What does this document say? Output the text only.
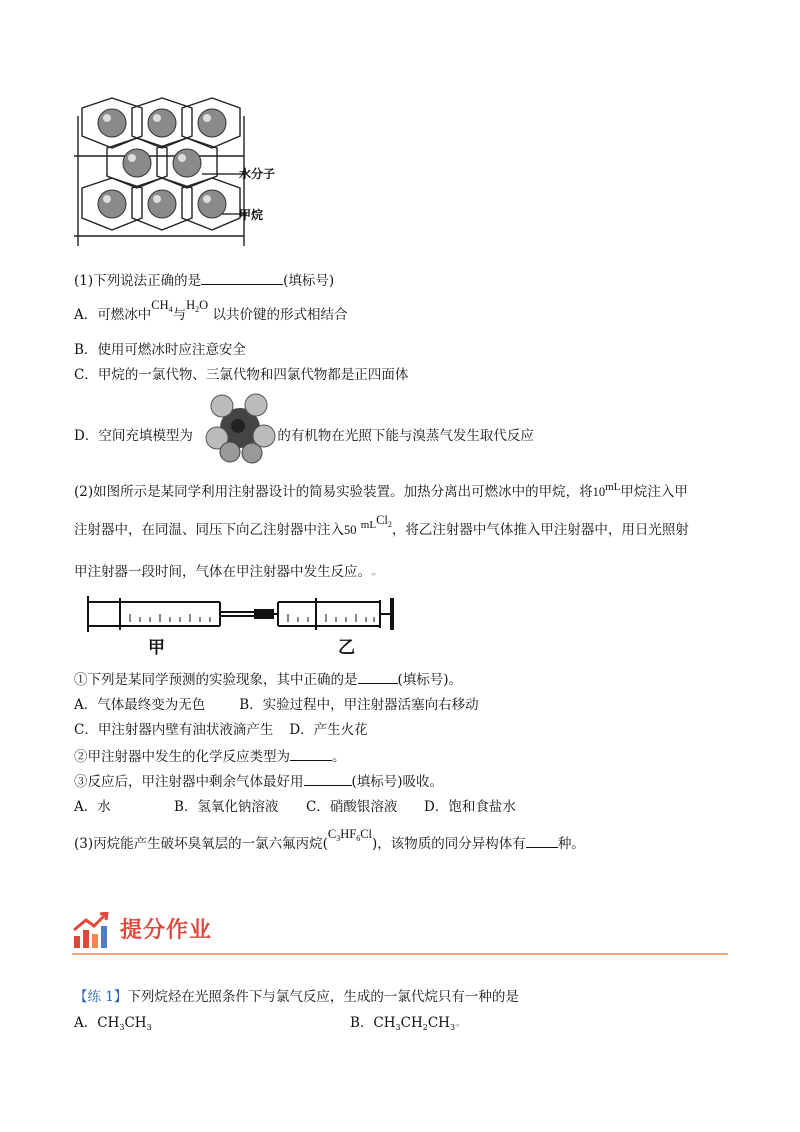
水分子
甲烷
(1)下列说法正确的是	(填标号)
A．可燃冰中$CH_4$与$H_2O$ 以共价键的形式相结合
B．使用可燃冰时应注意安全
C．甲烷的一氯代物、三氯代物和四氯代物都是正四面体
D．空间充填模型为	的有机物在光照下能与溴蒸气发生取代反应
(2)如图所示是某同学利用注射器设计的简易实验装置。加热分离出可燃冰中的甲烷，将$10^{mL}$甲烷注入甲
注射器中，在同温、同压下向乙注射器中注入50 $^{mL}Cl_2$，将乙注射器中气体推入甲注射器中，用日光照射
甲注射器一段时间，气体在甲注射器中发生反应。∞
甲	乙
①下列是某同学预测的实验现象，其中正确的是	(填标号)。
A．气体最终变为无色	B．实验过程中，甲注射器活塞向右移动
C．甲注射器内壁有油状液滴产生 D．产生火花
②甲注射器中发生的化学反应类型为	。
③反应后，甲注射器中剩余气体最好用	(填标号)吸收。
A．水	B．氢氧化钠溶液 C．硝酸银溶液 D．饱和食盐水
(3)丙烷能产生破坏臭氧层的一氯六氟丙烷$(C_3HF_6Cl)$，该物质的同分异构体有 种。
提分作业
【练 1】下列烷烃在光照条件下与氯气反应，生成的一氯代烷只有一种的是
A．$CH_3CH_3$	B．$CH_3CH_2CH_3\infty$
